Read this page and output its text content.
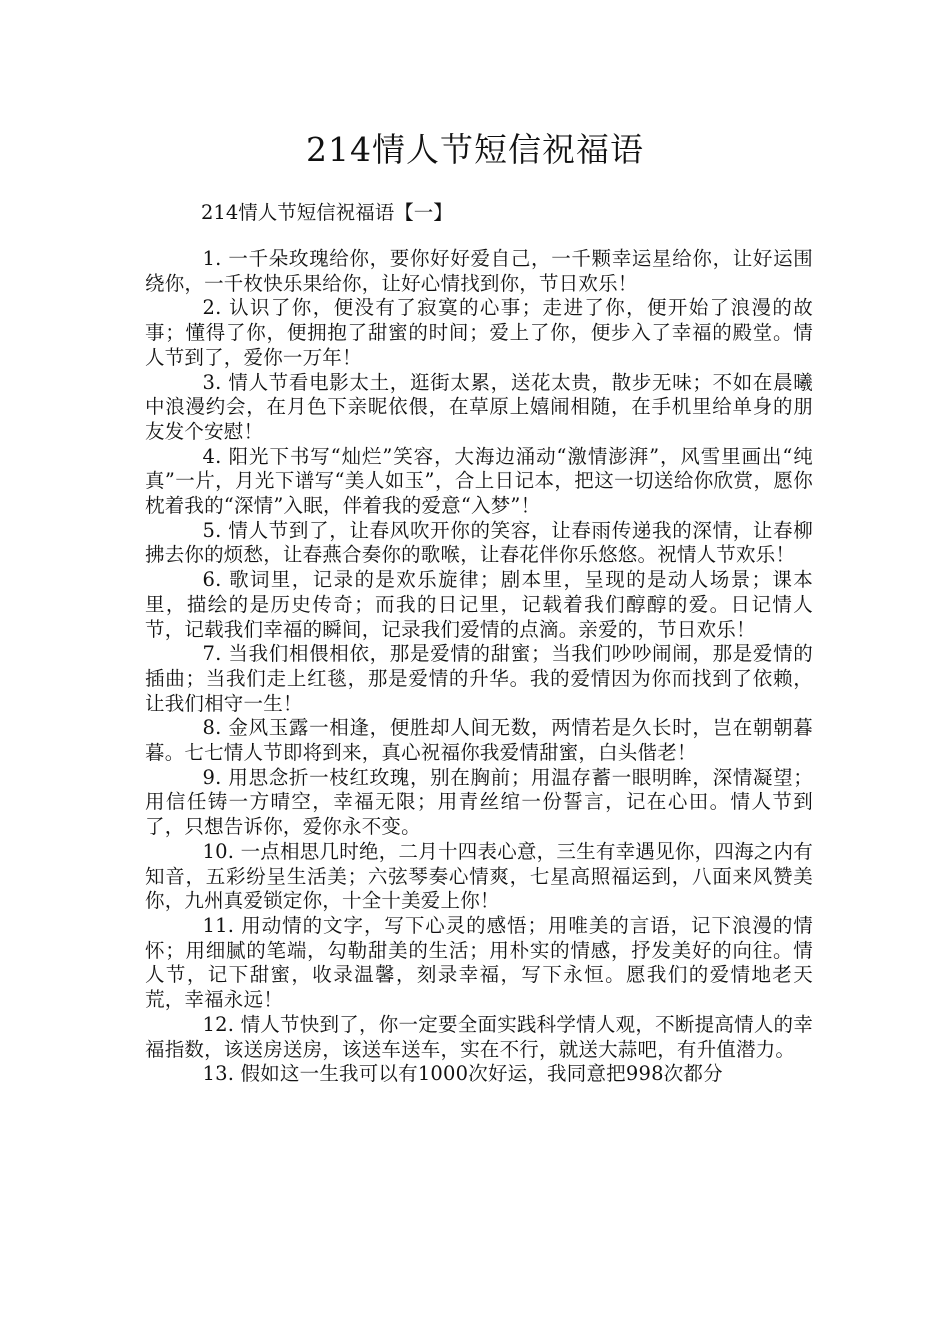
214情人节短信祝福语

214情人节短信祝福语【一】

1. 一千朵玫瑰给你，要你好好爱自己，一千颗幸运星给你，让好运围绕你，一千枚快乐果给你，让好心情找到你，节日欢乐！

2. 认识了你，便没有了寂寞的心事；走进了你，便开始了浪漫的故事；懂得了你，便拥抱了甜蜜的时间；爱上了你，便步入了幸福的殿堂。情人节到了，爱你一万年！

3. 情人节看电影太土，逛街太累，送花太贵，散步无味；不如在晨曦中浪漫约会，在月色下亲昵依偎，在草原上嬉闹相随，在手机里给单身的朋友发个安慰！

4. 阳光下书写“灿烂”笑容，大海边涌动“激情澎湃”，风雪里画出“纯真”一片，月光下谱写“美人如玉”，合上日记本，把这一切送给你欣赏，愿你枕着我的“深情”入眠，伴着我的爱意“入梦”！

5. 情人节到了，让春风吹开你的笑容，让春雨传递我的深情，让春柳拂去你的烦愁，让春燕合奏你的歌喉，让春花伴你乐悠悠。祝情人节欢乐！

6. 歌词里，记录的是欢乐旋律；剧本里，呈现的是动人场景；课本里，描绘的是历史传奇；而我的日记里，记载着我们醇醇的爱。日记情人节，记载我们幸福的瞬间，记录我们爱情的点滴。亲爱的，节日欢乐！

7. 当我们相偎相依，那是爱情的甜蜜；当我们吵吵闹闹，那是爱情的插曲；当我们走上红毯，那是爱情的升华。我的爱情因为你而找到了依赖，让我们相守一生！

8. 金风玉露一相逢，便胜却人间无数，两情若是久长时，岂在朝朝暮暮。七七情人节即将到来，真心祝福你我爱情甜蜜，白头偕老！

9. 用思念折一枝红玫瑰，别在胸前；用温存蓄一眼明眸，深情凝望；用信任铸一方晴空，幸福无限；用青丝绾一份誓言，记在心田。情人节到了，只想告诉你，爱你永不变。

10. 一点相思几时绝，二月十四表心意，三生有幸遇见你，四海之内有知音，五彩纷呈生活美；六弦琴奏心情爽，七星高照福运到，八面来风赞美你，九州真爱锁定你，十全十美爱上你！

11. 用动情的文字，写下心灵的感悟；用唯美的言语，记下浪漫的情怀；用细腻的笔端，勾勒甜美的生活；用朴实的情感，抒发美好的向往。情人节，记下甜蜜，收录温馨，刻录幸福，写下永恒。愿我们的爱情地老天荒，幸福永远！

12. 情人节快到了，你一定要全面实践科学情人观，不断提高情人的幸福指数，该送房送房，该送车送车，实在不行，就送大蒜吧，有升值潜力。

13. 假如这一生我可以有1000次好运，我同意把998次都分
